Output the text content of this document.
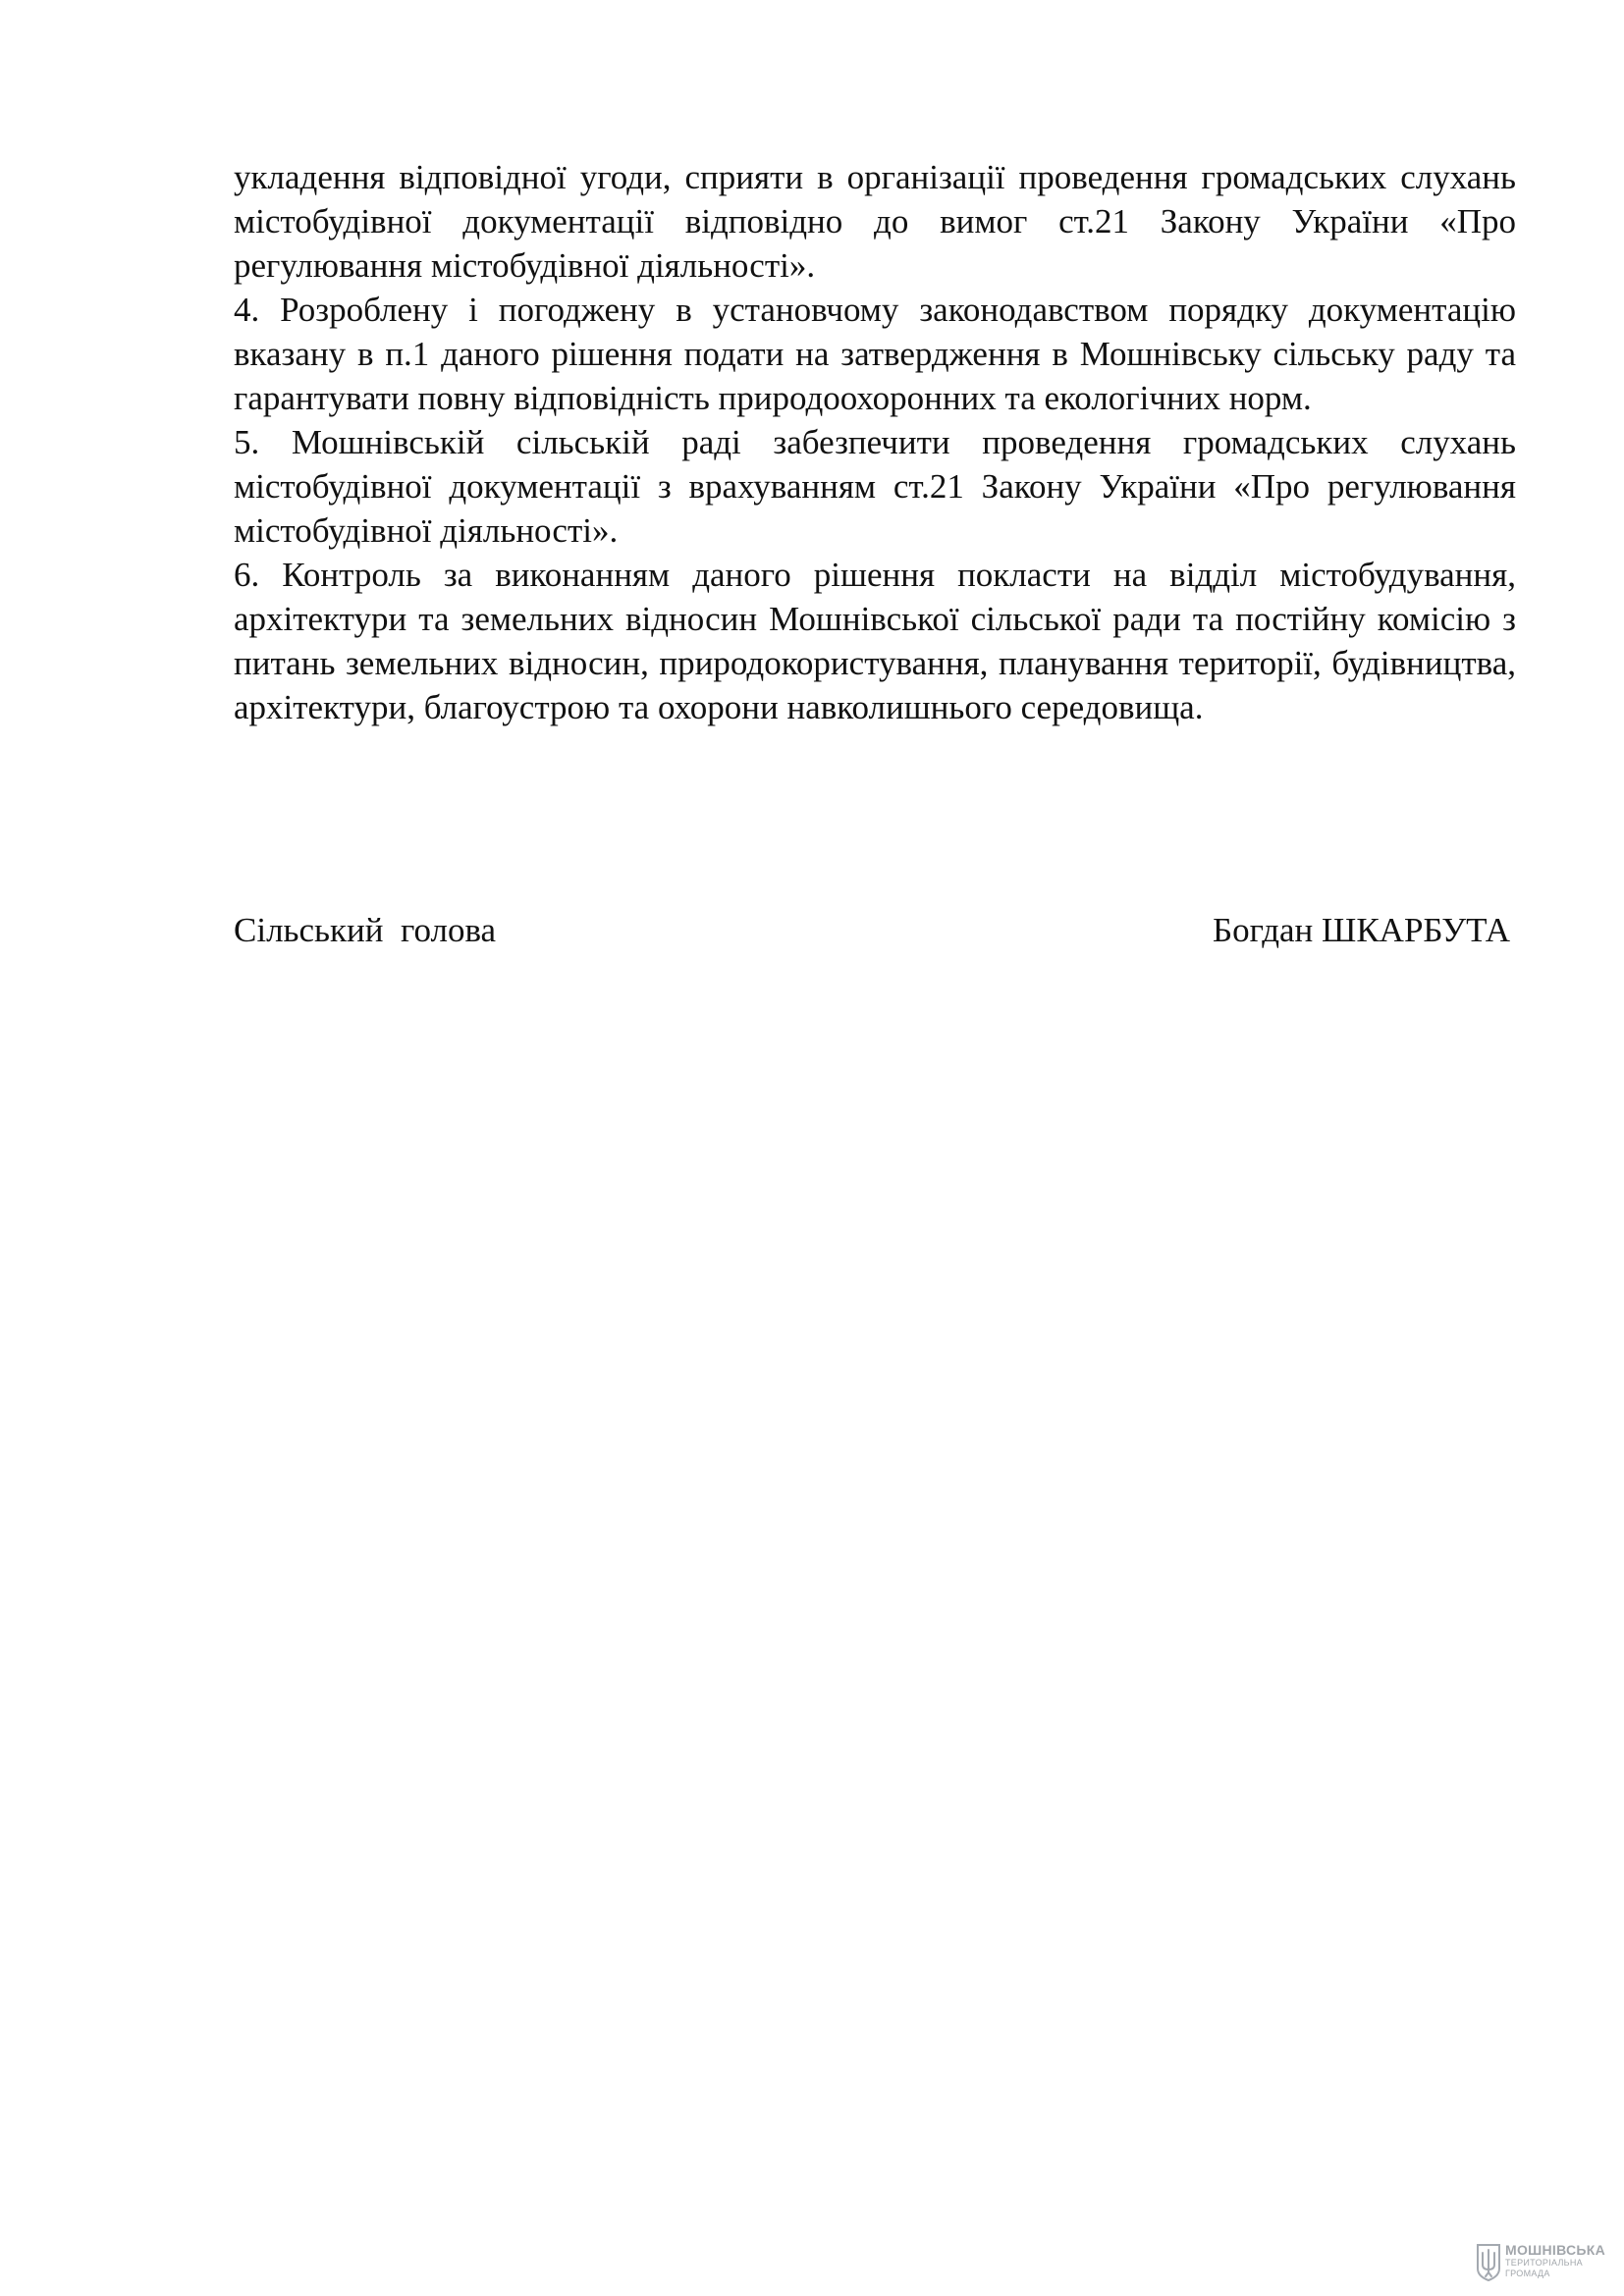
укладення відповідної угоди, сприяти в організації проведення громадських слухань містобудівної документації відповідно до вимог ст.21 Закону України «Про регулювання містобудівної діяльності».

4. Розроблену і погоджену в установчому законодавством порядку документацію вказану в п.1 даного рішення подати на затвердження в Мошнівську сільську раду та гарантувати повну відповідність природоохоронних та екологічних норм.

5. Мошнівській сільській раді забезпечити проведення громадських слухань містобудівної документації з врахуванням ст.21 Закону України «Про регулювання містобудівної діяльності».

6. Контроль за виконанням даного рішення покласти на відділ містобудування, архітектури та земельних відносин Мошнівської сільської ради та постійну комісію з питань земельних відносин, природокористування, планування території, будівництва, архітектури, благоустрою та охорони навколишнього середовища.

Сільський  голова	Богдан ШКАРБУТА
МОШНІВСЬКА
ТЕРИТОРІАЛЬНА
ГРОМАДА
